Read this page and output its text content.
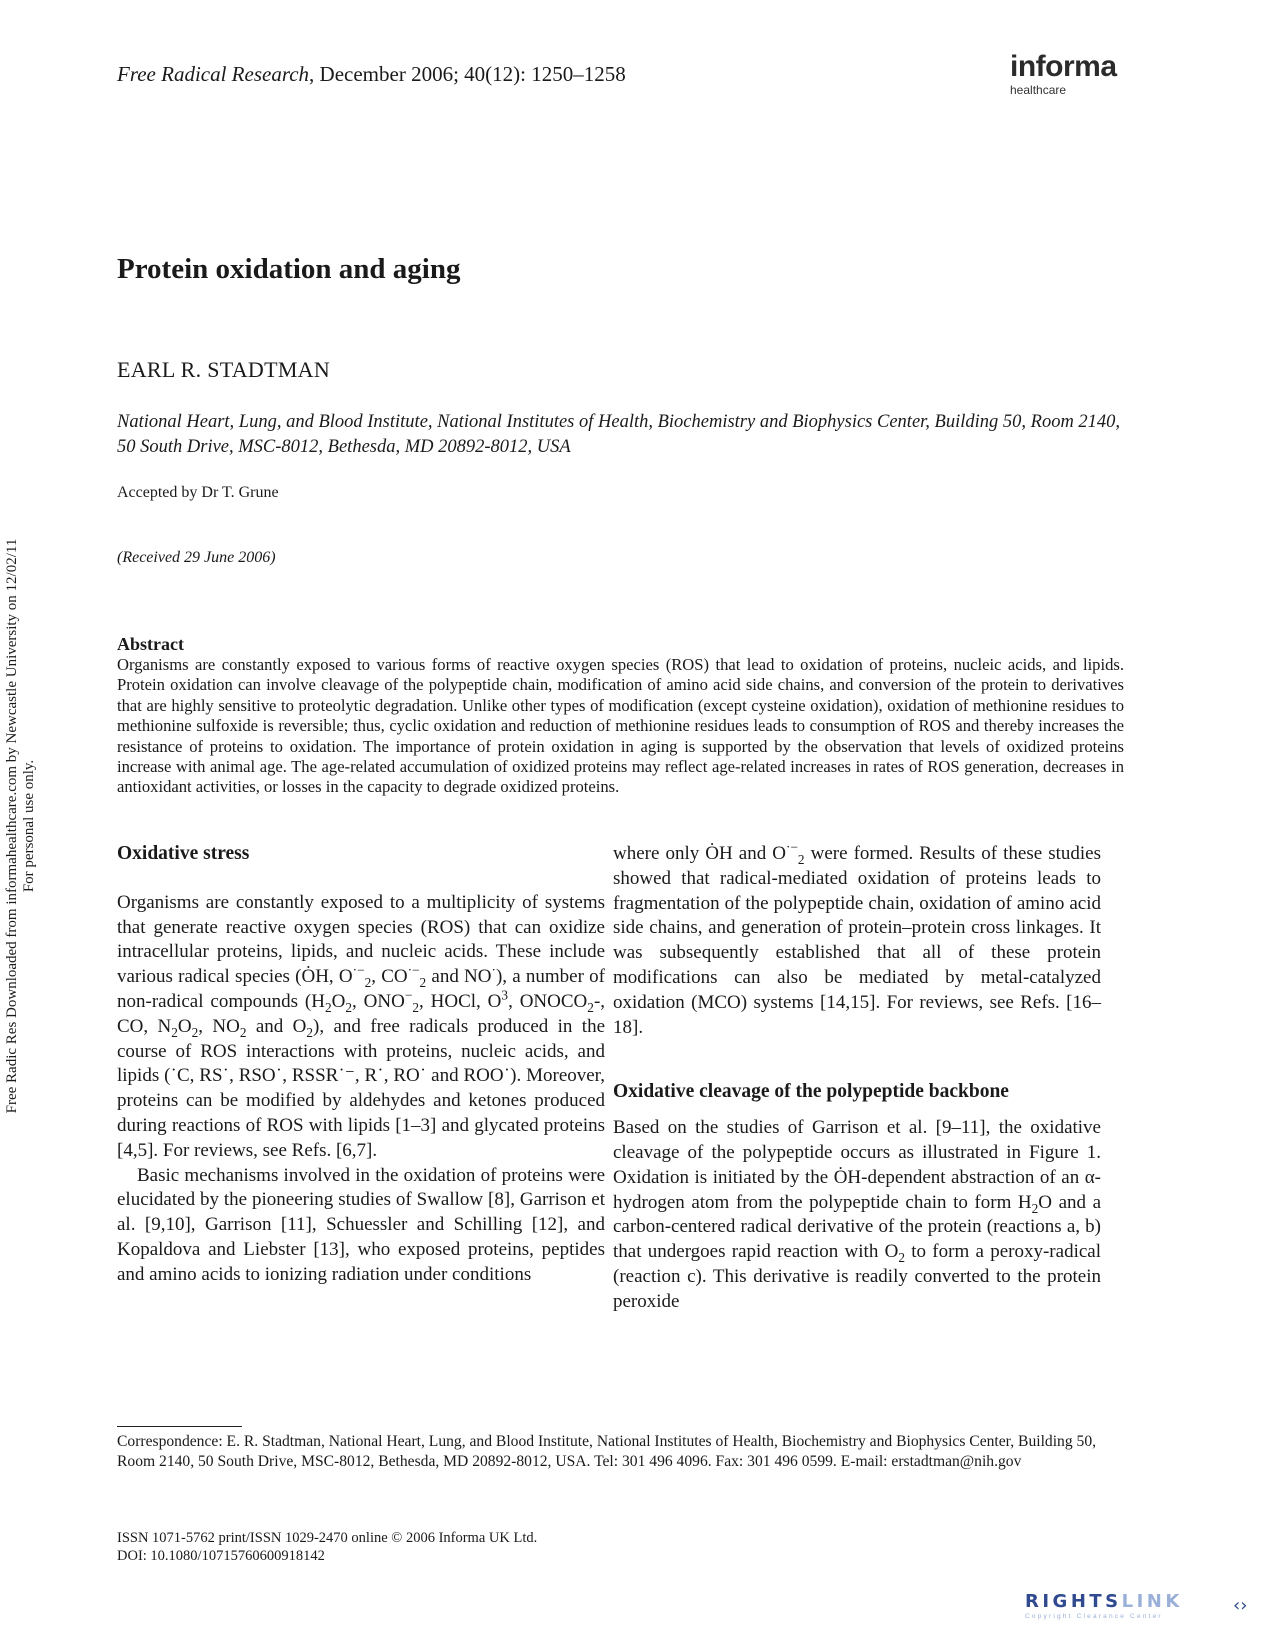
Free Radical Research, December 2006; 40(12): 1250–1258	informa
healthcare
Free Radic Res Downloaded from informahealthcare.com by Newcastle University on 12/02/11 For personal use only.
Protein oxidation and aging
EARL R. STADTMAN
National Heart, Lung, and Blood Institute, National Institutes of Health, Biochemistry and Biophysics Center, Building 50, Room 2140, 50 South Drive, MSC-8012, Bethesda, MD 20892-8012, USA
Accepted by Dr T. Grune
(Received 29 June 2006)
Abstract
Organisms are constantly exposed to various forms of reactive oxygen species (ROS) that lead to oxidation of proteins, nucleic acids, and lipids. Protein oxidation can involve cleavage of the polypeptide chain, modification of amino acid side chains, and conversion of the protein to derivatives that are highly sensitive to proteolytic degradation. Unlike other types of modification (except cysteine oxidation), oxidation of methionine residues to methionine sulfoxide is reversible; thus, cyclic oxidation and reduction of methionine residues leads to consumption of ROS and thereby increases the resistance of proteins to oxidation. The importance of protein oxidation in aging is supported by the observation that levels of oxidized proteins increase with animal age. The age-related accumulation of oxidized proteins may reflect age-related increases in rates of ROS generation, decreases in antioxidant activities, or losses in the capacity to degrade oxidized proteins.

Oxidative stress

Organisms are constantly exposed to a multiplicity of systems that generate reactive oxygen species (ROS) that can oxidize intracellular proteins, lipids, and nucleic acids. These include various radical species (ȮH, $O^{\cdot-}_2$, $CO^{\cdot-}_2$ and NO·), a number of non-radical compounds ($H_2O_2$, $ONO^-_2$, HOCl, $O^3$, $ONOCO_2-$, CO, $N_2O_2$, $NO_2$ and $O_2$), and free radicals produced in the course of ROS interactions with proteins, nucleic acids, and lipids (˙C, RS˙, RSO˙, RSSR˙⁻, R˙, RO˙ and ROO˙). Moreover, proteins can be modified by aldehydes and ketones produced during reactions of ROS with lipids [1–3] and glycated proteins [4,5]. For reviews, see Refs. [6,7].

Basic mechanisms involved in the oxidation of proteins were elucidated by the pioneering studies of Swallow [8], Garrison et al. [9,10], Garrison [11], Schuessler and Schilling [12], and Kopaldova and Liebster [13], who exposed proteins, peptides and amino acids to ionizing radiation under conditions

where only ȮH and $O^{\cdot-}_2$ were formed. Results of these studies showed that radical-mediated oxidation of proteins leads to fragmentation of the polypeptide chain, oxidation of amino acid side chains, and generation of protein–protein cross linkages. It was subsequently established that all of these protein modifications can also be mediated by metal-catalyzed oxidation (MCO) systems [14,15]. For reviews, see Refs. [16–18].

Oxidative cleavage of the polypeptide backbone

Based on the studies of Garrison et al. [9–11], the oxidative cleavage of the polypeptide occurs as illustrated in Figure 1. Oxidation is initiated by the ȮH-dependent abstraction of an α-hydrogen atom from the polypeptide chain to form $H_2O$ and a carbon-centered radical derivative of the protein (reactions a, b) that undergoes rapid reaction with $O_2$ to form a peroxy-radical (reaction c). This derivative is readily converted to the protein peroxide

Correspondence: E. R. Stadtman, National Heart, Lung, and Blood Institute, National Institutes of Health, Biochemistry and Biophysics Center, Building 50, Room 2140, 50 South Drive, MSC-8012, Bethesda, MD 20892-8012, USA. Tel: 301 496 4096. Fax: 301 496 0599. E-mail: erstadtman@nih.gov
ISSN 1071-5762 print/ISSN 1029-2470 online © 2006 Informa UK Ltd.
DOI: 10.1080/10715760600918142
RIGHTSLINK
Copyright Clearance Center
‹›
